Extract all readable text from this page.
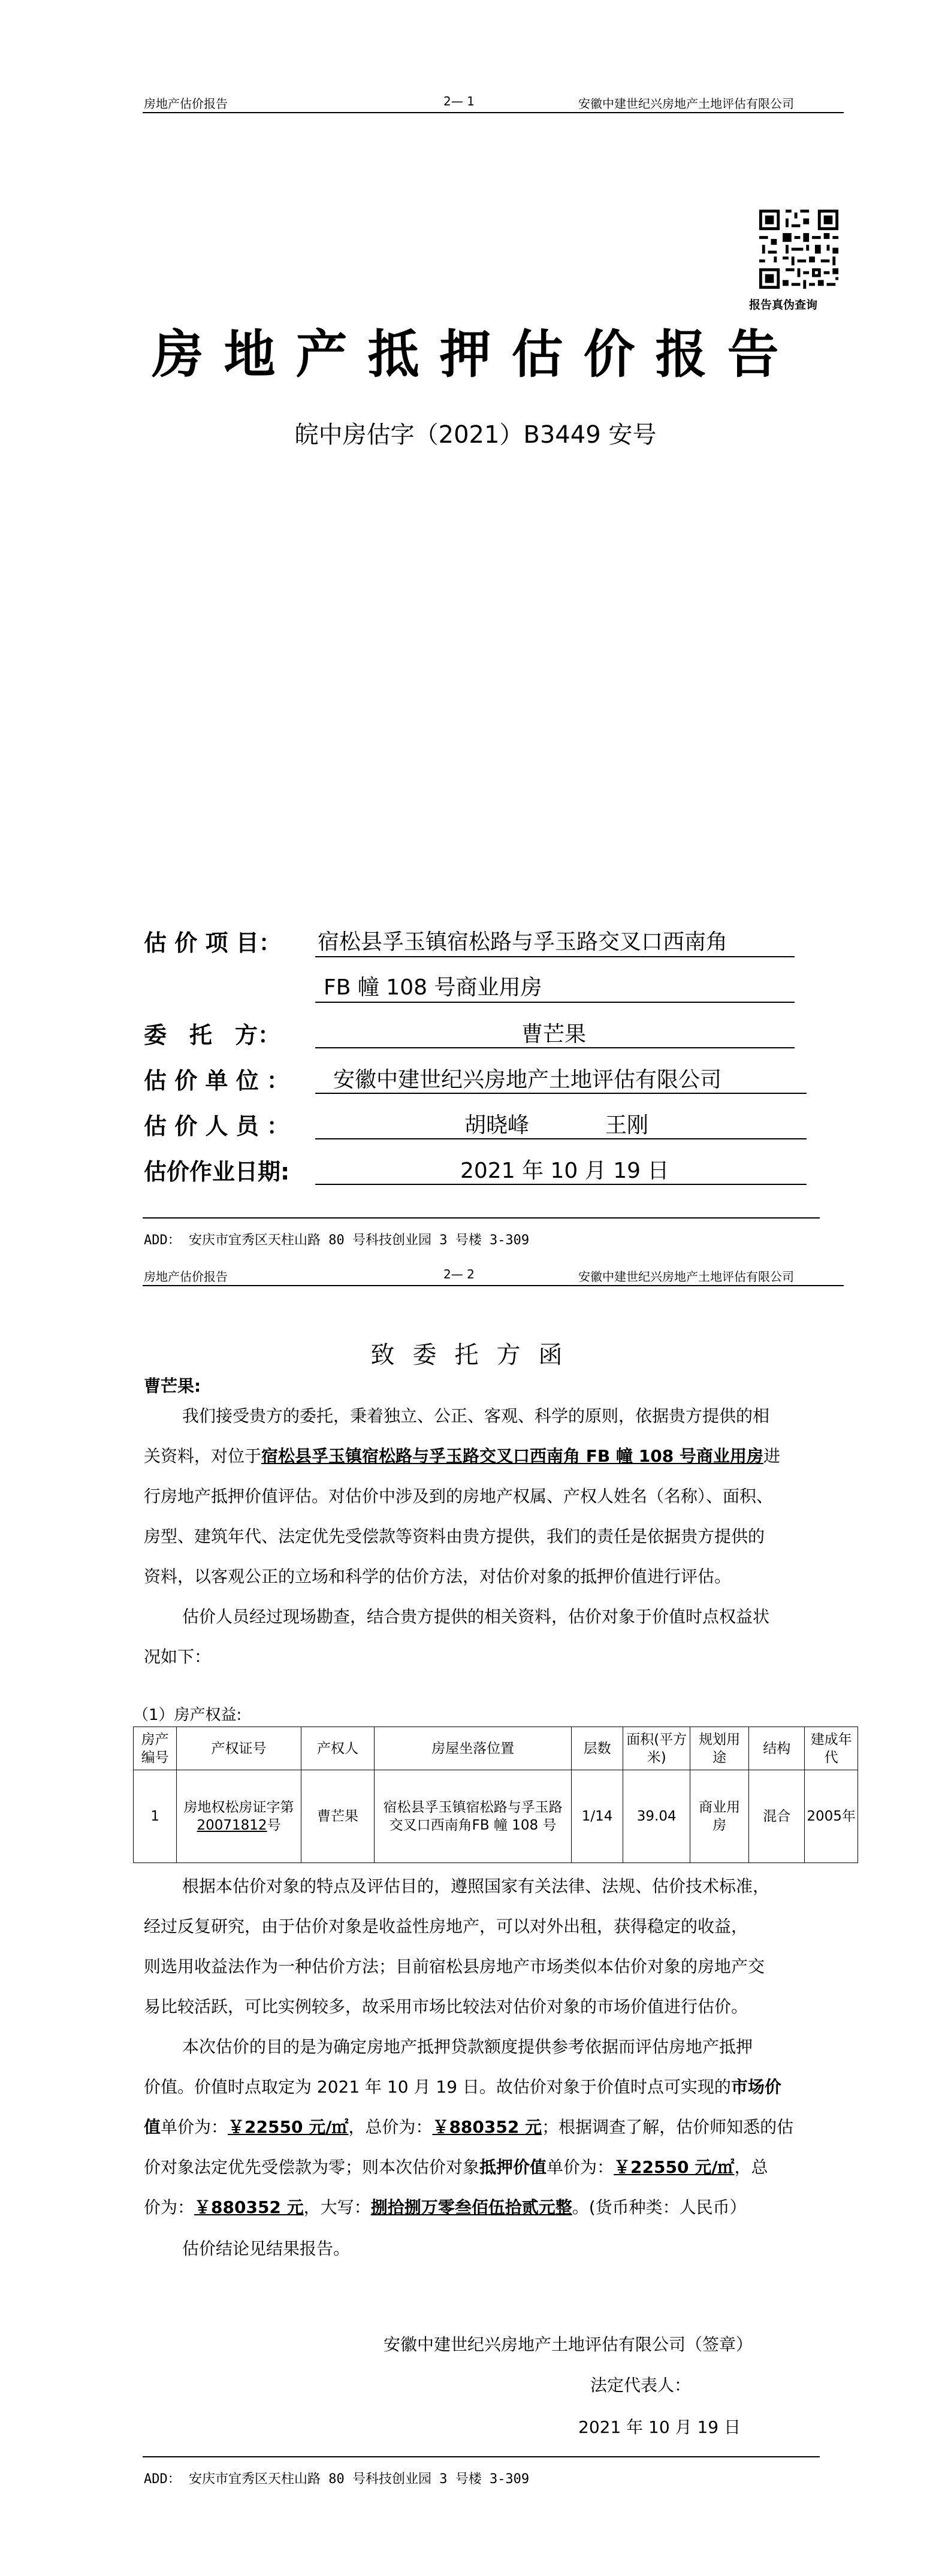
房地产估价报告	2— 1	安徽中建世纪兴房地产土地评估有限公司
报告真伪查询
房地产抵押估价报告
皖中房估字（2021）B3449 安号
估 价 项 目： 宿松县孚玉镇宿松路与孚玉路交叉口西南角
FB 幢 108 号商业用房
委　托　方：	曹芒果
估 价 单 位 ： 安徽中建世纪兴房地产土地评估有限公司
估 价 人 员 ：	胡晓峰	王刚
估价作业日期:	2021 年 10 月 19 日
ADD： 安庆市宜秀区天柱山路 80 号科技创业园 3 号楼 3-309
房地产估价报告	2— 2	安徽中建世纪兴房地产土地评估有限公司
致委托方函
曹芒果:
我们接受贵方的委托，秉着独立、公正、客观、科学的原则，依据贵方提供的相
关资料，对位于宿松县孚玉镇宿松路与孚玉路交叉口西南角 FB 幢 108 号商业用房进
行房地产抵押价值评估。对估价中涉及到的房地产权属、产权人姓名（名称）、面积、
房型、建筑年代、法定优先受偿款等资料由贵方提供，我们的责任是依据贵方提供的
资料，以客观公正的立场和科学的估价方法，对估价对象的抵押价值进行评估。
估价人员经过现场勘查，结合贵方提供的相关资料，估价对象于价值时点权益状
况如下：
（1）房产权益:
房产编号	产权证号	产权人	房屋坐落位置	层数	面积(平方米)	规划用途	结构	建成年代
1	房地权松房证字第20071812号	曹芒果	宿松县孚玉镇宿松路与孚玉路交叉口西南角FB 幢 108 号	1/14	39.04	商业用房	混合	2005年
根据本估价对象的特点及评估目的，遵照国家有关法律、法规、估价技术标准，
经过反复研究，由于估价对象是收益性房地产，可以对外出租，获得稳定的收益，
则选用收益法作为一种估价方法；目前宿松县房地产市场类似本估价对象的房地产交
易比较活跃，可比实例较多，故采用市场比较法对估价对象的市场价值进行估价。
本次估价的目的是为确定房地产抵押贷款额度提供参考依据而评估房地产抵押
价值。价值时点取定为 2021 年 10 月 19 日。故估价对象于价值时点可实现的市场价
值单价为：￥22550 元/㎡，总价为：￥880352 元；根据调查了解，估价师知悉的估
价对象法定优先受偿款为零；则本次估价对象抵押价值单价为：￥22550 元/㎡，总
价为：￥880352 元，大写：捌拾捌万零叁佰伍拾贰元整。(货币种类：人民币）
估价结论见结果报告。
安徽中建世纪兴房地产土地评估有限公司（签章）
法定代表人：
2021 年 10 月 19 日
ADD： 安庆市宜秀区天柱山路 80 号科技创业园 3 号楼 3-309
